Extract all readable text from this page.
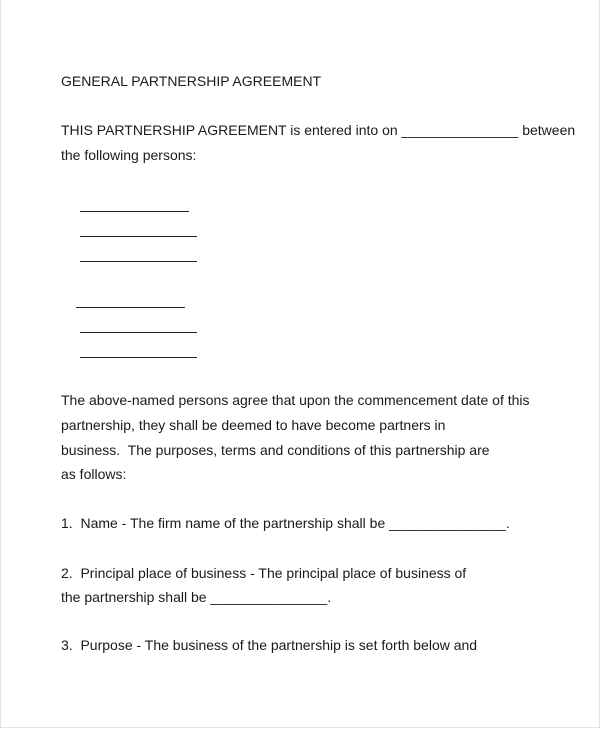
GENERAL PARTNERSHIP AGREEMENT
THIS PARTNERSHIP AGREEMENT is entered into on _______________ between
the following persons:
The above-named persons agree that upon the commencement date of this
partnership, they shall be deemed to have become partners in
business.  The purposes, terms and conditions of this partnership are
as follows:
1.  Name - The firm name of the partnership shall be _______________.
2.  Principal place of business - The principal place of business of
the partnership shall be _______________.
3.  Purpose - The business of the partnership is set forth below and
